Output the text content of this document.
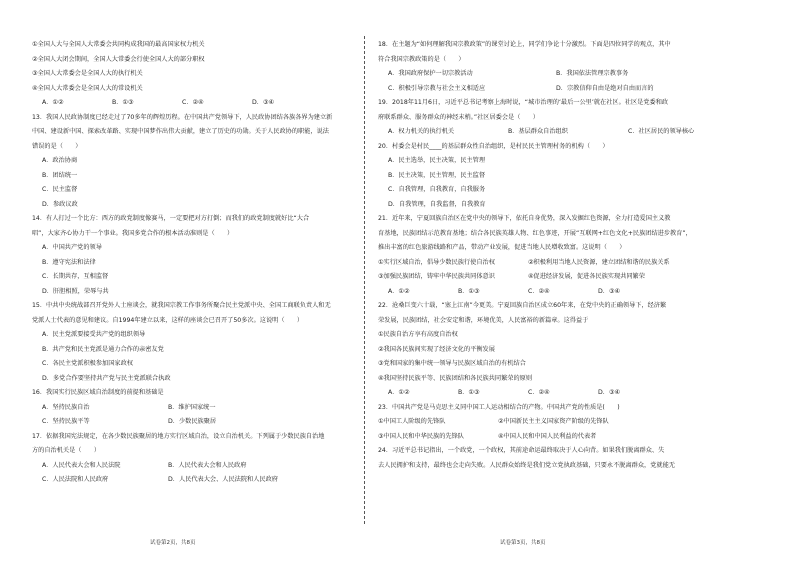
①全国人大与全国人大常委会共同构成我国的最高国家权力机关
②全国人大闭会期间，全国人大常委会行使全国人大的部分职权
③全国人大常委会是全国人大的执行机关
④全国人大常委会是全国人大的常设机关
A．①②	B．①③	C．②④	D．③④
13．我国人民政协制度已经走过了70多年的辉煌历程。在中国共产党领导下，人民政协团结各族各界为建立新
中国、建设新中国、探索改革路、实现中国梦作出伟大贡献，建立了历史的功勋。关于人民政协的职能，说法
错误的是（　　）
A．政治协商
B．团结统一
C．民主监督
D．参政议政
14．有人打过一个比方：西方的政党制度像赛马，一定要把对方打倒；而我们的政党制度就好比“大合
唱”，大家齐心协力干一个事业。我国多党合作的根本活动准则是（　　）
A．中国共产党的领导
B．遵守宪法和法律
C．长期共存，互相监督
D．肝胆相照，荣辱与共
15．中共中央统战部召开党外人士座谈会，就我国宗教工作事务所聚合民主党派中央、全国工商联负责人和无
党派人士代表的意见和建议。自1994年建立以来，这样的座谈会已召开了50多次。这说明（　　）
A．民主党派要接受共产党的组织领导
B．共产党和民主党派是通力合作的亲密友党
C．各民主党派积极参加国家政权
D．多党合作要坚持共产党与民主党派联合执政
16．我国实行民族区域自治制度的前提和基础是
A．坚持民族自治	B．维护国家统一
C．坚持民族平等	D．少数民族聚居
17．依据我国宪法规定，在各少数民族聚居的地方实行区域自治，设立自治机关。下列属于少数民族自治地
方的自治机关是（　　）
A．人民代表大会和人民法院	B．人民代表大会和人民政府
C．人民法院和人民政府	D．人民代表大会、人民法院和人民政府
18．在主题为“如何理解我国宗教政策”的课堂讨论上，同学们争论十分激烈。下面是四位同学的观点，其中
符合我国宗教政策的是（　　）
A．我国政府保护一切宗教活动	B．我国依法管理宗教事务
C．积极引导宗教与社会主义相适应	D．宗教信仰自由是绝对自由而言的
19．2018年11月6日，习近平总书记考察上海时说，“城市治理的‘最后一公里’就在社区。社区是党委和政
府联系群众、服务群众的神经末梢。”社区居委会是（　　）
A．权力机关的执行机关	B．基层群众自治组织	C．社区居民的领导核心
20．村委会是村民____的基层群众性自治组织，是村民民主管理村务的机构（　　）
A．民主选举，民主决策，民主管理
B．民主决策，民主管理，民主监督
C．自我管理，自我教育，自我服务
D．自我管理，自我监督，自我教育
21．近年来，宁夏回族自治区在党中央的领导下，依托自身优势，深入发掘红色资源，全力打造爱国主义教
育基地，民族团结示范教育基地；结合各民族英雄人物、红色事迹，开展“互联网+红色文化+民族团结进步教育”，
推出丰富的红色旅游线路和产品，带动产业发展，促进当地人民增收致富。这说明（　　）
①实行区域自治，倡导少数民族行使自治权	②积极利用当地人民资源，建立团结和谐的民族关系
③加强民族团结，铸牢中华民族共同体意识	④促进经济发展，促进各民族实现共同繁荣
A．①②	B．①③	C．②④	D．③④
22．沧桑巨变六十载，“塞上江南”今更美。宁夏回族自治区成立60年来，在党中央的正确领导下，经济繁
荣发展，民族团结，社会安定和谐，环境优美，人民富裕的新篇章。这得益于
①民族自治方享有高度自治权
②我国各民族间实现了经济文化的平衡发展
③党和国家的集中统一领导与民族区域自治的有机结合
④我国坚持民族平等、民族团结和各民族共同繁荣的原则
A．①②	B．①③	C．②④	D．③④
23．中国共产党是马克思主义同中国工人运动相结合的产物。中国共产党的性质是(　　)
①中国工人阶级的先锋队	②中国新民主主义国家资产阶级的先锋队
③中国人民和中华民族的先锋队	④中国人民和中国人民利益的代表者
24．习近平总书记指出，一个政党，一个政权，其前途命运最终取决于人心向背。如果我们脱离群众、失
去人民拥护和支持，最终也会走向失败。人民群众始终是我们党立党执政基础，只要永不脱离群众，党就能无
试卷第2页，共8页	试卷第3页，共8页
